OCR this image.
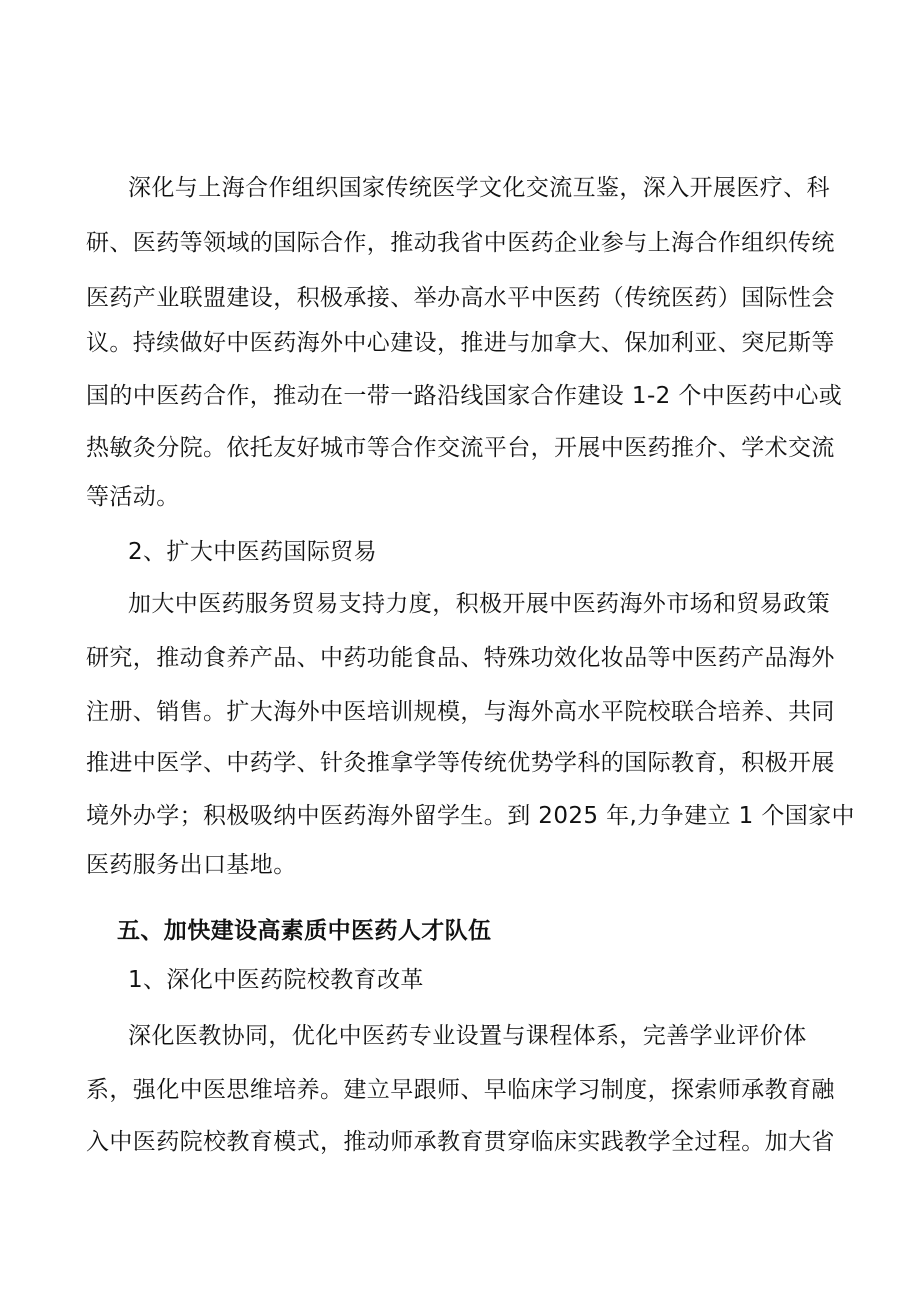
深化与上海合作组织国家传统医学文化交流互鉴，深入开展医疗、科
研、医药等领域的国际合作，推动我省中医药企业参与上海合作组织传统
医药产业联盟建设，积极承接、举办高水平中医药（传统医药）国际性会
议。持续做好中医药海外中心建设，推进与加拿大、保加利亚、突尼斯等
国的中医药合作，推动在一带一路沿线国家合作建设 1-2 个中医药中心或
热敏灸分院。依托友好城市等合作交流平台，开展中医药推介、学术交流
等活动。
2、扩大中医药国际贸易
加大中医药服务贸易支持力度，积极开展中医药海外市场和贸易政策
研究，推动食养产品、中药功能食品、特殊功效化妆品等中医药产品海外
注册、销售。扩大海外中医培训规模，与海外高水平院校联合培养、共同
推进中医学、中药学、针灸推拿学等传统优势学科的国际教育，积极开展
境外办学；积极吸纳中医药海外留学生。到 2025 年,力争建立 1 个国家中
医药服务出口基地。
五、加快建设高素质中医药人才队伍
1、深化中医药院校教育改革
深化医教协同，优化中医药专业设置与课程体系，完善学业评价体
系，强化中医思维培养。建立早跟师、早临床学习制度，探索师承教育融
入中医药院校教育模式，推动师承教育贯穿临床实践教学全过程。加大省
